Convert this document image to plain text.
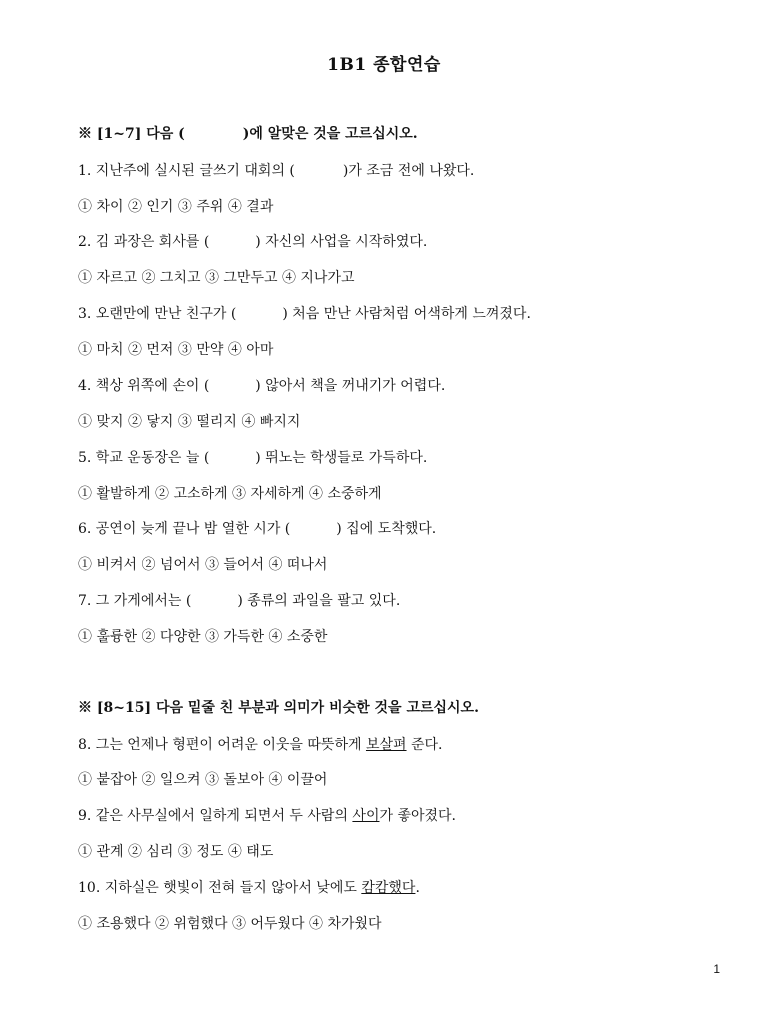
1B1 종합연습
※ [1~7] 다음 (	)에 알맞은 것을 고르십시오.
1. 지난주에 실시된 글쓰기 대회의 (	)가 조금 전에 나왔다.
① 차이 ② 인기 ③ 주위 ④ 결과
2. 김 과장은 회사를 (	) 자신의 사업을 시작하였다.
① 자르고 ② 그치고 ③ 그만두고 ④ 지나가고
3. 오랜만에 만난 친구가 (	) 처음 만난 사람처럼 어색하게 느껴졌다.
① 마치 ② 먼저 ③ 만약 ④ 아마
4. 책상 위쪽에 손이 (	) 않아서 책을 꺼내기가 어렵다.
① 맞지 ② 닿지 ③ 떨리지 ④ 빠지지
5. 학교 운동장은 늘 (	) 뛰노는 학생들로 가득하다.
① 활발하게 ② 고소하게 ③ 자세하게 ④ 소중하게
6. 공연이 늦게 끝나 밤 열한 시가 (	) 집에 도착했다.
① 비켜서 ② 넘어서 ③ 들어서 ④ 떠나서
7. 그 가게에서는 (	) 종류의 과일을 팔고 있다.
① 훌륭한 ② 다양한 ③ 가득한 ④ 소중한
※ [8~15] 다음 밑줄 친 부분과 의미가 비슷한 것을 고르십시오.
8. 그는 언제나 형편이 어려운 이웃을 따뜻하게 보살펴 준다.
① 붙잡아 ② 일으켜 ③ 돌보아 ④ 이끌어
9. 같은 사무실에서 일하게 되면서 두 사람의 사이가 좋아졌다.
① 관계 ② 심리 ③ 정도 ④ 태도
10. 지하실은 햇빛이 전혀 들지 않아서 낮에도 캄캄했다.
① 조용했다 ② 위험했다 ③ 어두웠다 ④ 차가웠다
1
